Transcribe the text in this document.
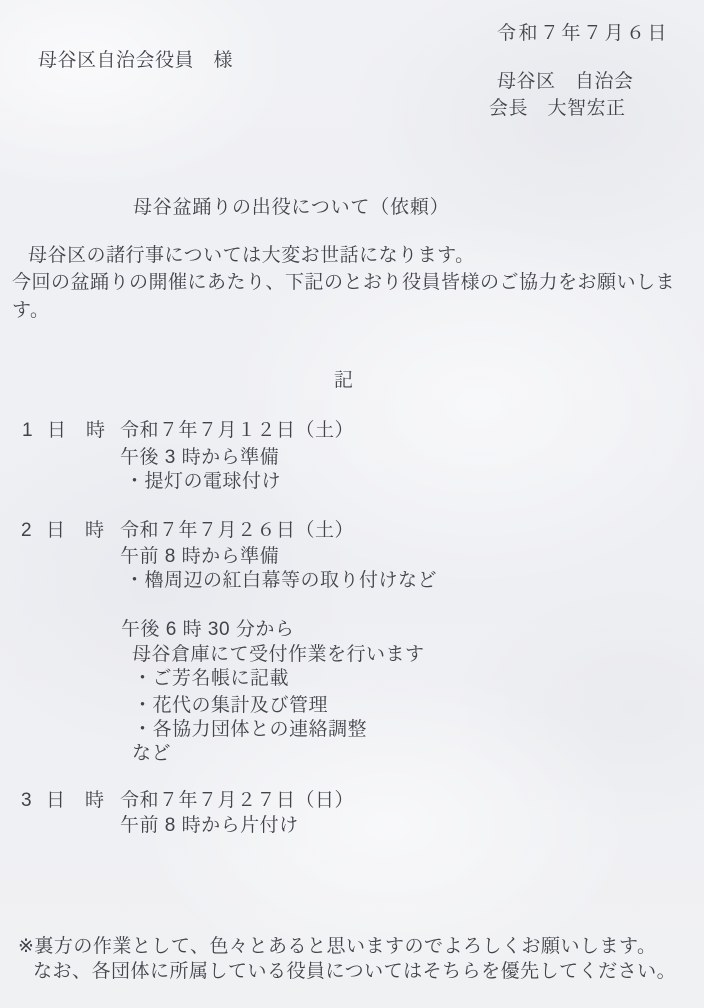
令和７年７月６日
母谷区自治会役員　様
母谷区　自治会
会長　大智宏正
母谷盆踊りの出役について（依頼）
母谷区の諸行事については大変お世話になります。
今回の盆踊りの開催にあたり、下記のとおり役員皆様のご協力をお願いしま
す。
記
1 日　時 令和７年７月１２日（土）
午後 3 時から準備
・提灯の電球付け
2 日　時 令和７年７月２６日（土）
午前 8 時から準備
・櫓周辺の紅白幕等の取り付けなど
午後 6 時 30 分から
母谷倉庫にて受付作業を行います
・ご芳名帳に記載
・花代の集計及び管理
・各協力団体との連絡調整
など
3 日　時 令和７年７月２７日（日）
午前 8 時から片付け
※裏方の作業として、色々とあると思いますのでよろしくお願いします。
なお、各団体に所属している役員についてはそちらを優先してください。
